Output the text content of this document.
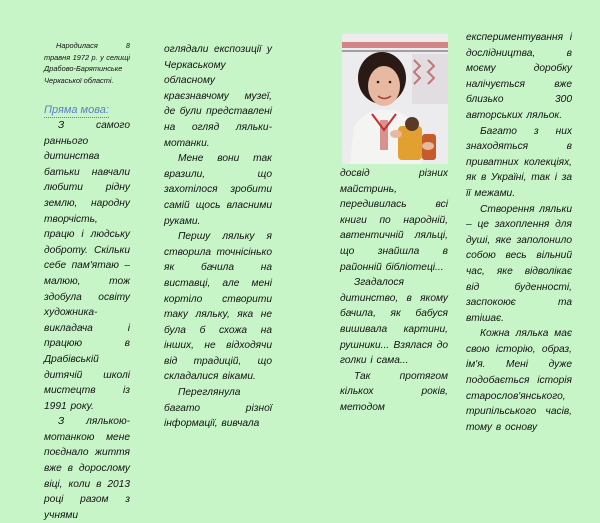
Народилася 8 травня 1972 р. у селищі Драбово-Барятинське Черкаської області.

Пряма мова:

З самого раннього дитинства батьки навчали любити рідну землю, народну творчість, працю і людську доброту. Скільки себе пам'ятаю – малюю, тож здобула освіту художника-викладача і працюю в Драбівській дитячій школі мистецтв із 1991 року.

З лялькою-мотанкою мене поєднало життя вже в дорослому віці, коли в 2013 році разом з учнями

оглядали експозиції у Черкаському обласному краєзнавчому музеї, де були представлені на огляд ляльки-мотанки.

Мене вони так вразили, що захотілося зробити самій щось власними руками.

Першу ляльку я створила точнісінько як бачила на виставці, але мені кортіло створити таку ляльку, яка не була б схожа на інших, не відходячи від традицій, що складалися віками.

Переглянула багато різної інформації, вивчала

досвід різних майстринь, передивилась всі книги по народній, автентичній ляльці, що знайшла в районній бібліотеці...

Згадалося дитинство, в якому бачила, як бабуся вишивала картини, рушники... Взялася до голки і сама...

Так протягом кількох років, методом

експериментування і дослідництва, в моєму доробку налічується вже близько 300 авторських ляльок.

Багато з них знаходяться в приватних колекціях, як в Україні, так і за її межами.

Створення ляльки – це захоплення для душі, яке заполонило собою весь вільний час, яке відволікає від буденності, заспокоює та втішає.

Кожна лялька має свою історію, образ, ім'я. Мені дуже подобається історія старослов'янського, трипільського часів, тому в основу
